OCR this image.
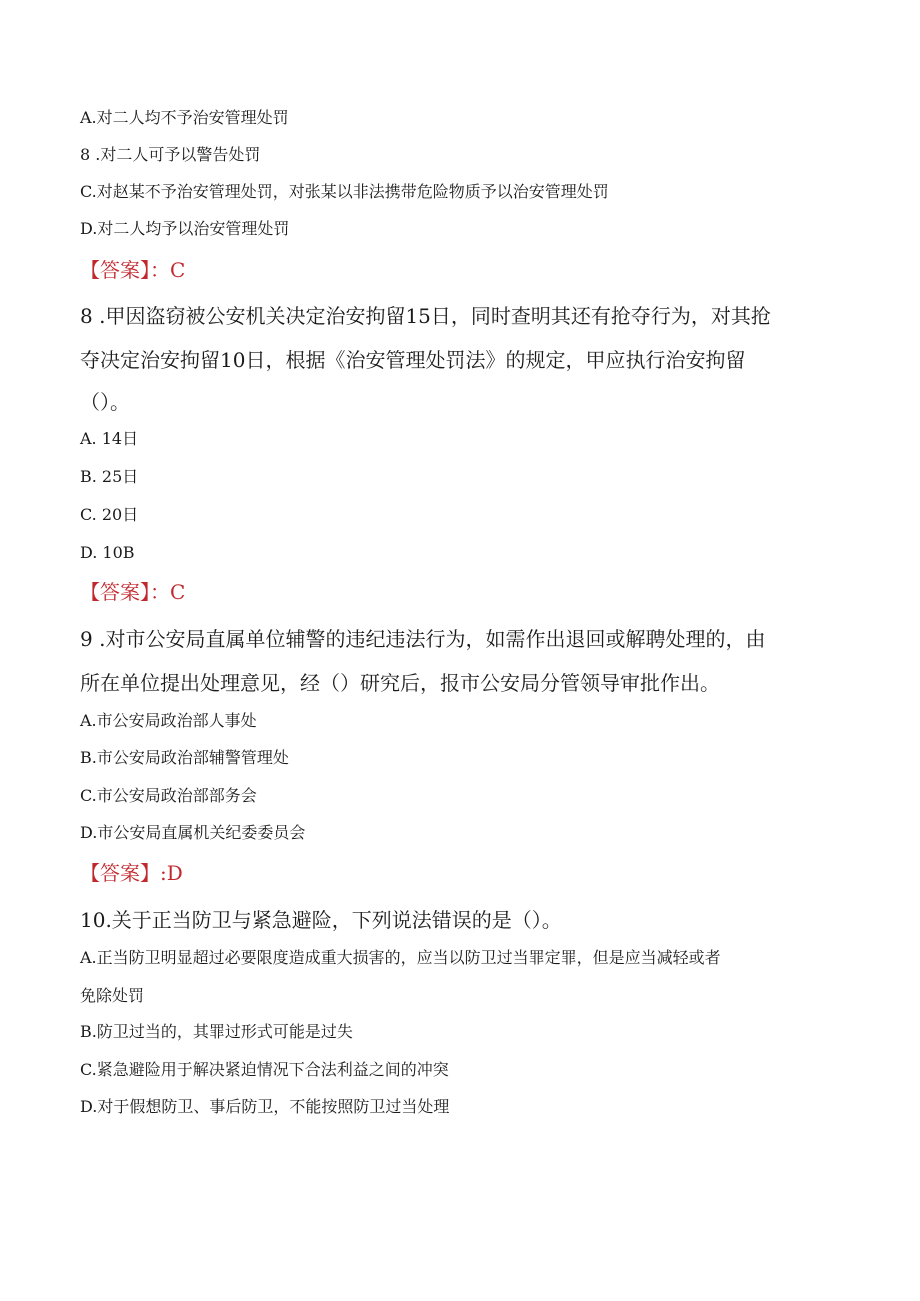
A.对二人均不予治安管理处罚

8 .对二人可予以警告处罚

C.对赵某不予治安管理处罚，对张某以非法携带危险物质予以治安管理处罚

D.对二人均予以治安管理处罚

【答案】：C

8 .甲因盗窃被公安机关决定治安拘留15日，同时查明其还有抢夺行为，对其抢

夺决定治安拘留10日，根据《治安管理处罚法》的规定，甲应执行治安拘留

（）。

A. 14日

B. 25日

C. 20日

D. 10B

【答案】：C

9 .对市公安局直属单位辅警的违纪违法行为，如需作出退回或解聘处理的，由

所在单位提出处理意见，经（）研究后，报市公安局分管领导审批作出。

A.市公安局政治部人事处

B.市公安局政治部辅警管理处

C.市公安局政治部部务会

D.市公安局直属机关纪委委员会

【答案】:D

10.关于正当防卫与紧急避险，下列说法错误的是（）。

A.正当防卫明显超过必要限度造成重大损害的，应当以防卫过当罪定罪，但是应当减轻或者

免除处罚

B.防卫过当的，其罪过形式可能是过失

C.紧急避险用于解决紧迫情况下合法利益之间的冲突

D.对于假想防卫、事后防卫，不能按照防卫过当处理
